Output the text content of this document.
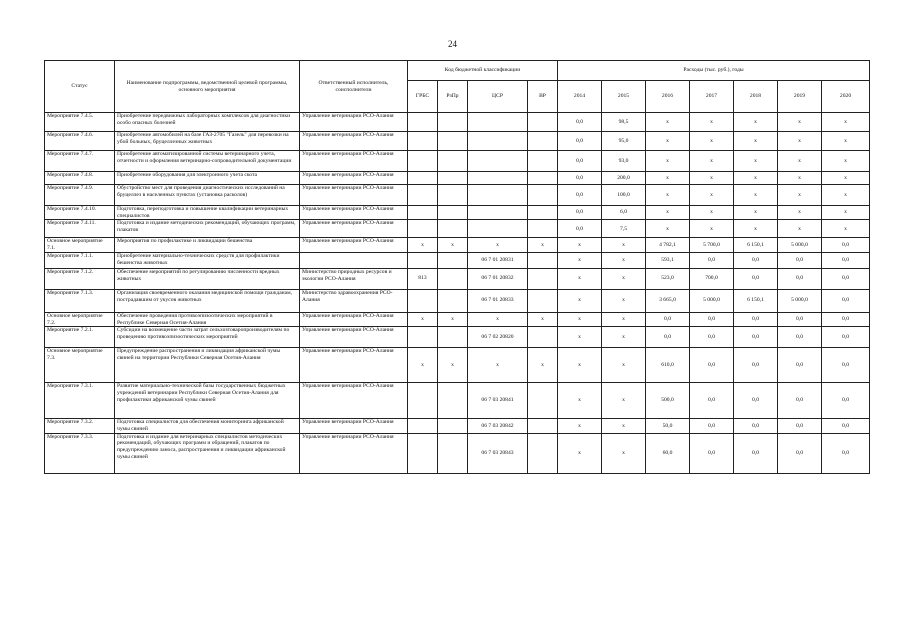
24
Статус	Наименование подпрограммы, ведомственной целевой программы, основного мероприятия	Ответственный исполнитель, соисполнители	Код бюджетной классификации				Расходы (тыс. руб.), годы						
			ГРБС	РзПр	ЦСР	ВР	2014	2015	2016	2017	2018	2019	2020
Мероприятие 7.4.5.	Приобретение передвижных лабораторных комплексов для диагностики особо опасных болезней	Управление ветеринарии РСО-Алания					0,0	98,5	х	х	х	х	х
Мероприятие 7.4.6.	Приобретение автомобилей на базе ГАЗ-2705 "Газель" для перевозки на убой больных, бруцеллезных животных	Управление ветеринарии РСО-Алания					0,0	95,0	х	х	х	х	х
Мероприятие 7.4.7.	Приобретение автоматизированной системы ветеринарного учета, отчетности и оформления ветеринарно-сопроводительной документации	Управление ветеринарии РСО-Алания					0,0	93,0	х	х	х	х	х
Мероприятие 7.4.8.	Приобретение оборудования для электронного учета скота	Управление ветеринарии РСО-Алания					0,0	200,0	х	х	х	х	х
Мероприятие 7.4.9.	Обустройство мест для проведения диагностических исследований на бруцеллез в населенных пунктах (установка расколов)	Управление ветеринарии РСО-Алания					0,0	100,0	х	х	х	х	х
Мероприятие 7.4.10.	Подготовка, переподготовка и повышение квалификации ветеринарных специалистов	Управление ветеринарии РСО-Алания					0,0	6,0	х	х	х	х	х
Мероприятие 7.4.11.	Подготовка и издание методических рекомендаций, обучающих программ, плакатов	Управление ветеринарии РСО-Алания					0,0	7,5	х	х	х	х	х
Основное мероприятие 7.1.	Мероприятия по профилактике и ликвидации бешенства	Управление ветеринарии РСО-Алания	х	х	х	х	х	х	4 782,1	5 700,0	6 150,1	5 000,0	0,0
Мероприятие 7.1.1.	Приобретение материально-технических средств для профилактики бешенства животных				06 7 01 20831		х	х	593,1	0,0	0,0	0,0	0,0
Мероприятие 7.1.2.	Обеспечение мероприятий по регулированию численности вредных животных	Министерство природных ресурсов и экологии РСО-Алания	813		06 7 01 20832		х	х	523,0	700,0	0,0	0,0	0,0
Мероприятие 7.1.3.	Организация своевременного оказания медицинской помощи гражданам, пострадавшим от укусов животных	Министерство здравоохранения РСО-Алания			06 7 01 20833		х	х	3 665,0	5 000,0	6 150,1	5 000,0	0,0
Основное мероприятие 7.2.	Обеспечение проведения противоэпизоотических мероприятий в Республике Северная Осетия-Алания	Управление ветеринарии РСО-Алания	х	х	х	х	х	х	0,0	0,0	0,0	0,0	0,0
Мероприятие 7.2.1.	Субсидии на возмещение части затрат сельхозтоваропроизводителям по проведению противоэпизоотических мероприятий	Управление ветеринарии РСО-Алания			06 7 02 20820		х	х	0,0	0,0	0,0	0,0	0,0
Основное мероприятие 7.3.	Предупреждение распространения и ликвидация африканской чумы свиней на территории Республики Северная Осетия-Алания	Управление ветеринарии РСО-Алания	х	х	х	х	х	х	610,0	0,0	0,0	0,0	0,0
Мероприятие 7.3.1.	Развитие материально-технической базы государственных бюджетных учреждений ветеринарии Республики Северная Осетия-Алания для профилактики африканской чумы свиней	Управление ветеринарии РСО-Алания			06 7 03 20841		х	х	500,0	0,0	0,0	0,0	0,0
Мероприятие 7.3.2.	Подготовка специалистов для обеспечения мониторинга африканской чумы свиней	Управление ветеринарии РСО-Алания			06 7 03 20842		х	х	50,0	0,0	0,0	0,0	0,0
Мероприятие 7.3.3.	Подготовка и издание для ветеринарных специалистов методических рекомендаций, обучающих программ и обращений, плакатов по предупреждению заноса, распространения и ликвидации африканской чумы свиней	Управление ветеринарии РСО-Алания			06 7 03 20843		х	х	60,0	0,0	0,0	0,0	0,0
